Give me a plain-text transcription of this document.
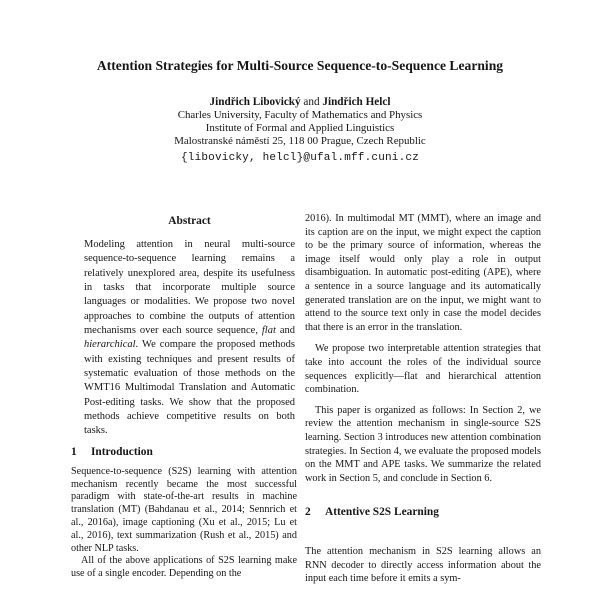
Attention Strategies for Multi-Source Sequence-to-Sequence Learning
Jindřich Libovický and Jindřich Helcl
Charles University, Faculty of Mathematics and Physics
Institute of Formal and Applied Linguistics
Malostranské náměstí 25, 118 00 Prague, Czech Republic
{libovicky, helcl}@ufal.mff.cuni.cz
Abstract

Modeling attention in neural multi-source sequence-to-sequence learning remains a relatively unexplored area, despite its usefulness in tasks that incorporate multiple source languages or modalities. We propose two novel approaches to combine the outputs of attention mechanisms over each source sequence, flat and hierarchical. We compare the proposed methods with existing techniques and present results of systematic evaluation of those methods on the WMT16 Multimodal Translation and Automatic Post-editing tasks. We show that the proposed methods achieve competitive results on both tasks.

1 Introduction

Sequence-to-sequence (S2S) learning with attention mechanism recently became the most successful paradigm with state-of-the-art results in machine translation (MT) (Bahdanau et al., 2014; Sennrich et al., 2016a), image captioning (Xu et al., 2015; Lu et al., 2016), text summarization (Rush et al., 2015) and other NLP tasks.

All of the above applications of S2S learning make use of a single encoder. Depending on the

2016). In multimodal MT (MMT), where an image and its caption are on the input, we might expect the caption to be the primary source of information, whereas the image itself would only play a role in output disambiguation. In automatic post-editing (APE), where a sentence in a source language and its automatically generated translation are on the input, we might want to attend to the source text only in case the model decides that there is an error in the translation.

We propose two interpretable attention strategies that take into account the roles of the individual source sequences explicitly—flat and hierarchical attention combination.

This paper is organized as follows: In Section 2, we review the attention mechanism in single-source S2S learning. Section 3 introduces new attention combination strategies. In Section 4, we evaluate the proposed models on the MMT and APE tasks. We summarize the related work in Section 5, and conclude in Section 6.

2 Attentive S2S Learning

The attention mechanism in S2S learning allows an RNN decoder to directly access information about the input each time before it emits a sym-
